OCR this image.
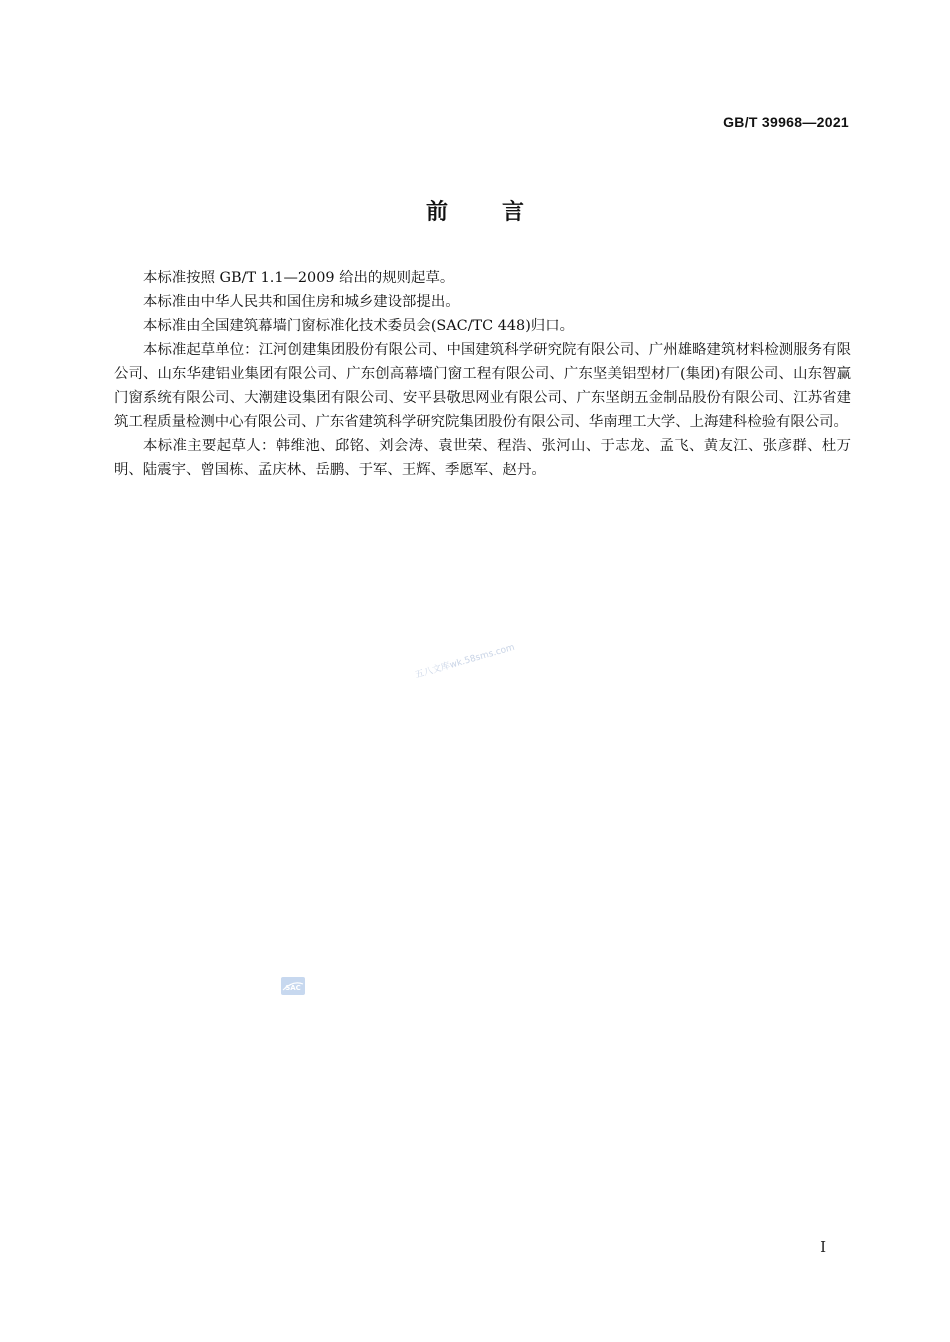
GB/T 39968—2021
前言

本标准按照 GB/T 1.1—2009 给出的规则起草。

本标准由中华人民共和国住房和城乡建设部提出。

本标准由全国建筑幕墙门窗标准化技术委员会(SAC/TC 448)归口。

本标准起草单位：江河创建集团股份有限公司、中国建筑科学研究院有限公司、广州雄略建筑材料检测服务有限公司、山东华建铝业集团有限公司、广东创高幕墙门窗工程有限公司、广东坚美铝型材厂(集团)有限公司、山东智赢门窗系统有限公司、大潮建设集团有限公司、安平县敬思网业有限公司、广东坚朗五金制品股份有限公司、江苏省建筑工程质量检测中心有限公司、广东省建筑科学研究院集团股份有限公司、华南理工大学、上海建科检验有限公司。

本标准主要起草人：韩维池、邱铭、刘会涛、袁世荣、程浩、张河山、于志龙、孟飞、黄友江、张彦群、杜万明、陆震宇、曾国栋、孟庆林、岳鹏、于军、王辉、季愿军、赵丹。

五八文库wk.58sms.com
SAC
I
